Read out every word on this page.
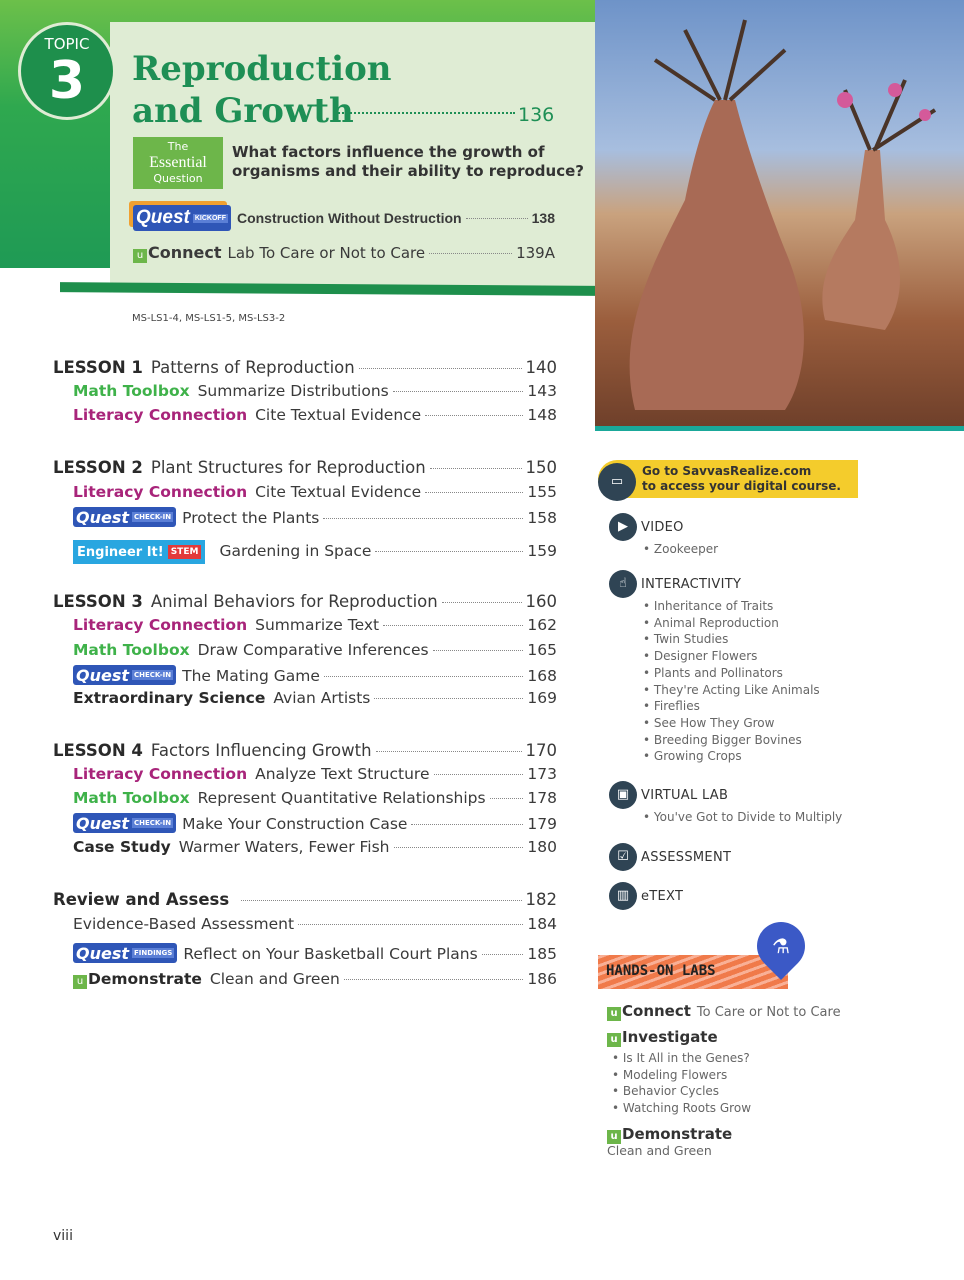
TOPIC
3	Reproduction
and Growth	136
The
Essential
Question
What factors influence the growth of
organisms and their ability to reproduce?
Quest KICKOFF Construction Without Destruction	138
u Connect Lab To Care or Not to Care	139A
MS-LS1-4, MS-LS1-5, MS-LS3-2
LESSON 1 Patterns of Reproduction	140
Math Toolbox Summarize Distributions	143
Literacy Connection Cite Textual Evidence	148
LESSON 2 Plant Structures for Reproduction	150
Literacy Connection Cite Textual Evidence	155
Quest CHECK-IN Protect the Plants	158
Engineer It! STEM Gardening in Space	159
LESSON 3 Animal Behaviors for Reproduction	160
Literacy Connection Summarize Text	162
Math Toolbox Draw Comparative Inferences	165
Quest CHECK-IN The Mating Game	168
Extraordinary Science Avian Artists	169
LESSON 4 Factors Influencing Growth	170
Literacy Connection Analyze Text Structure	173
Math Toolbox Represent Quantitative Relationships	178
Quest CHECK-IN Make Your Construction Case	179
Case Study Warmer Waters, Fewer Fish	180
Review and Assess	182
Evidence-Based Assessment	184
Quest FINDINGS Reflect on Your Basketball Court Plans	185
u Demonstrate Clean and Green	186
Go to SavvasRealize.com
to access your digital course.
▭
▶	VIDEO
• Zookeeper
☝	INTERACTIVITY
• Inheritance of Traits
• Animal Reproduction
• Twin Studies
• Designer Flowers
• Plants and Pollinators
• They're Acting Like Animals
• Fireflies
• See How They Grow
• Breeding Bigger Bovines
• Growing Crops
▣ VIRTUAL LAB
• You've Got to Divide to Multiply
☑ ASSESSMENT
▥ eTEXT
HANDS-ON LABS
⚗
u Connect To Care or Not to Care
u Investigate
• Is It All in the Genes?
• Modeling Flowers
• Behavior Cycles
• Watching Roots Grow
u Demonstrate
Clean and Green
viii
